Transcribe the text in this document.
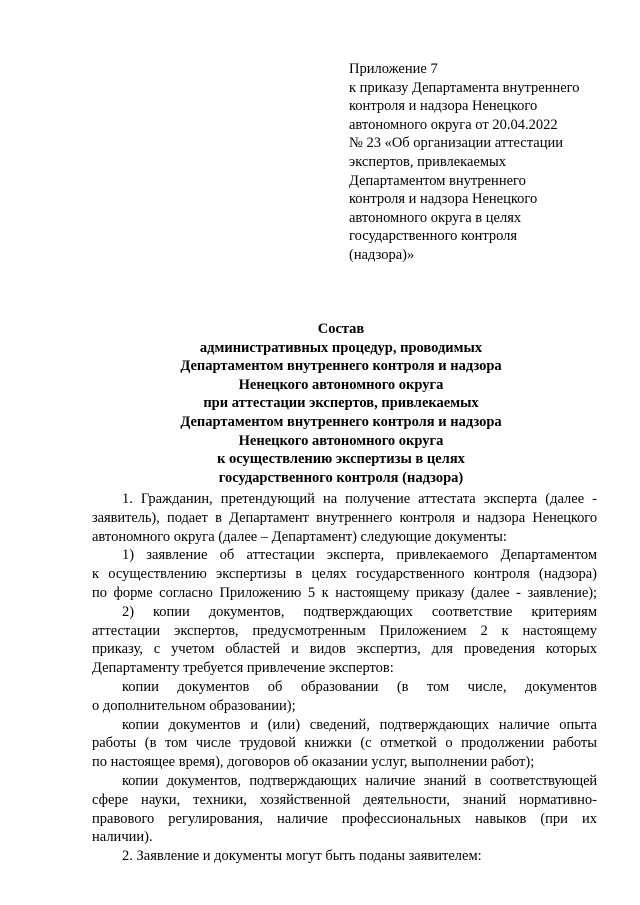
Приложение 7
к приказу Департамента внутреннего
контроля и надзора Ненецкого
автономного округа от 20.04.2022
№ 23 «Об организации аттестации
экспертов, привлекаемых
Департаментом внутреннего
контроля и надзора Ненецкого
автономного округа в целях
государственного контроля
(надзора)»
Состав
административных процедур, проводимых
Департаментом внутреннего контроля и надзора
Ненецкого автономного округа
при аттестации экспертов, привлекаемых
Департаментом внутреннего контроля и надзора
Ненецкого автономного округа
к осуществлению экспертизы в целях
государственного контроля (надзора)

1. Гражданин, претендующий на получение аттестата эксперта (далее -
заявитель), подает в Департамент внутреннего контроля и надзора Ненецкого
автономного округа (далее – Департамент) следующие документы:

1) заявление об аттестации эксперта, привлекаемого Департаментом
к осуществлению экспертизы в целях государственного контроля (надзора)
по форме согласно Приложению 5 к настоящему приказу (далее - заявление);

2) копии документов, подтверждающих соответствие критериям
аттестации экспертов, предусмотренным Приложением 2 к настоящему
приказу, с учетом областей и видов экспертиз, для проведения которых
Департаменту требуется привлечение экспертов:

копии документов об образовании (в том числе, документов
о дополнительном образовании);

копии документов и (или) сведений, подтверждающих наличие опыта
работы (в том числе трудовой книжки (с отметкой о продолжении работы
по настоящее время), договоров об оказании услуг, выполнении работ);

копии документов, подтверждающих наличие знаний в соответствующей
сфере науки, техники, хозяйственной деятельности, знаний нормативно-
правового регулирования, наличие профессиональных навыков (при их
наличии).

2. Заявление и документы могут быть поданы заявителем:
